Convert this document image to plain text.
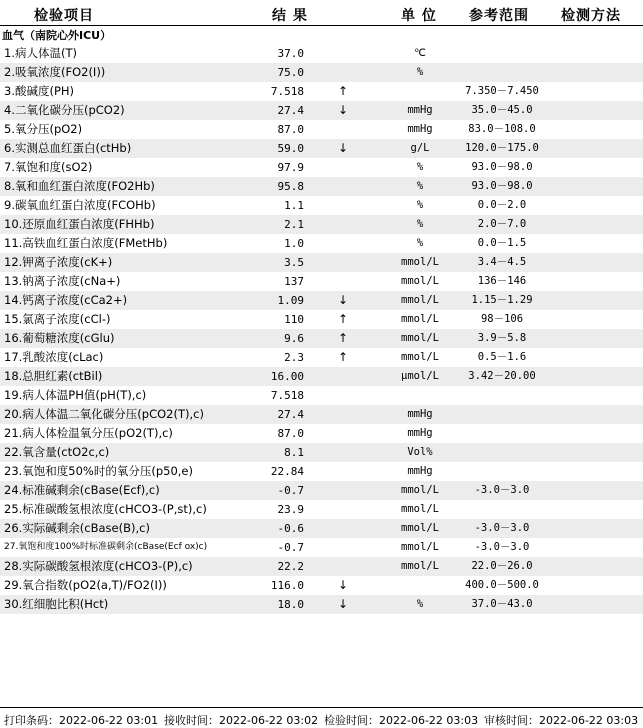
检验项目	结 果	单 位 参考范围 检测方法
血气（南院心外ICU）
1.病人体温(T)	37.0	℃
2.吸氧浓度(FO2(I))	75.0	%
3.酸碱度(PH)	7.518	↑	7.350－7.450
4.二氧化碳分压(pCO2)	27.4	↓	mmHg	35.0－45.0
5.氧分压(pO2)	87.0	mmHg	83.0－108.0
6.实测总血红蛋白(ctHb)	59.0	↓	g/L	120.0－175.0
7.氧饱和度(sO2)	97.9	%	93.0－98.0
8.氧和血红蛋白浓度(FO2Hb)	95.8	%	93.0－98.0
9.碳氧血红蛋白浓度(FCOHb)	1.1	%	0.0－2.0
10.还原血红蛋白浓度(FHHb)	2.1	%	2.0－7.0
11.高铁血红蛋白浓度(FMetHb)	1.0	%	0.0－1.5
12.钾离子浓度(cK+)	3.5	mmol/L	3.4－4.5
13.钠离子浓度(cNa+)	137	mmol/L	136－146
14.钙离子浓度(cCa2+)	1.09	↓	mmol/L	1.15－1.29
15.氯离子浓度(cCl-)	110	↑	mmol/L	98－106
16.葡萄糖浓度(cGlu)	9.6	↑	mmol/L	3.9－5.8
17.乳酸浓度(cLac)	2.3	↑	mmol/L	0.5－1.6
18.总胆红素(ctBil)	16.00	μmol/L	3.42－20.00
19.病人体温PH值(pH(T),c)	7.518
20.病人体温二氧化碳分压(pCO2(T),c)	27.4	mmHg
21.病人体检温氧分压(pO2(T),c)	87.0	mmHg
22.氧含量(ctO2c,c)	8.1	Vol%
23.氧饱和度50%时的氧分压(p50,e)	22.84	mmHg
24.标准碱剩余(cBase(Ecf),c)	-0.7	mmol/L	-3.0－3.0
25.标准碳酸氢根浓度(cHCO3-(P,st),c)	23.9	mmol/L
26.实际碱剩余(cBase(B),c)	-0.6	mmol/L	-3.0－3.0
27.氧饱和度100%时标准碳剩余(cBase(Ecf ox)c)	-0.7	mmol/L	-3.0－3.0
28.实际碳酸氢根浓度(cHCO3-(P),c)	22.2	mmol/L	22.0－26.0
29.氧合指数(pO2(a,T)/FO2(I))	116.0	↓	400.0－500.0
30.红细胞比积(Hct)	18.0	↓	%	37.0－43.0
打印条码：2022-06-22 03:01 接收时间：2022-06-22 03:02 检验时间：2022-06-22 03:03 审核时间：2022-06-22 03:03
